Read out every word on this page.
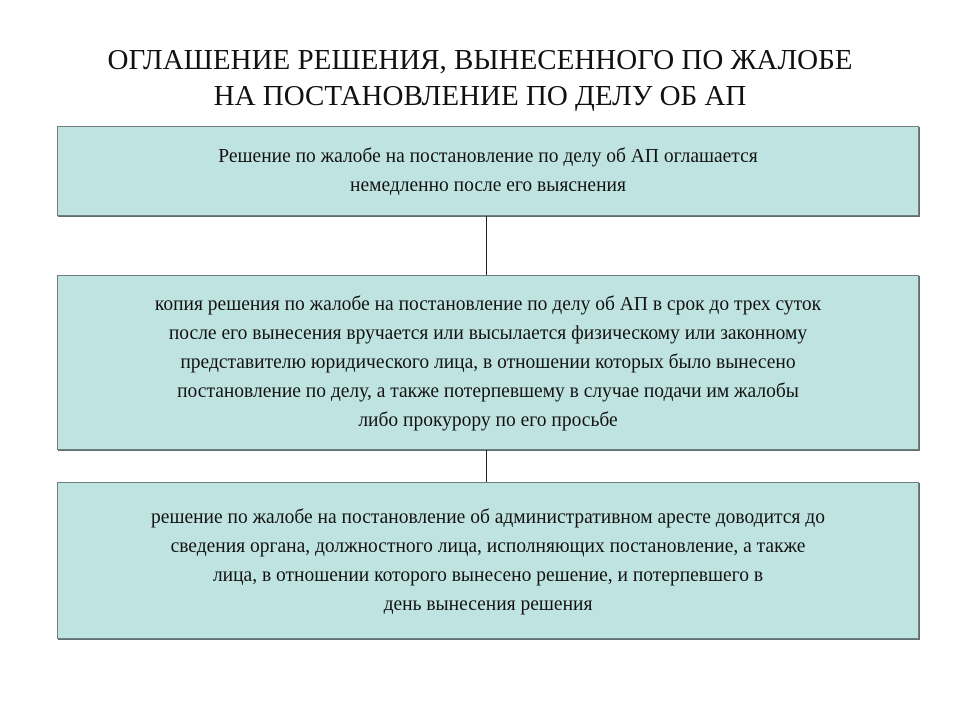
ОГЛАШЕНИЕ РЕШЕНИЯ, ВЫНЕСЕННОГО ПО ЖАЛОБЕ
НА ПОСТАНОВЛЕНИЕ ПО ДЕЛУ ОБ АП
Решение по жалобе на постановление по делу об АП оглашается
немедленно после его выяснения
копия решения по жалобе на постановление по делу об АП в срок до трех суток
после его вынесения вручается или высылается физическому или законному
представителю юридического лица, в отношении которых было вынесено
постановление по делу, а также потерпевшему в случае подачи им жалобы
либо прокурору по его просьбе
решение по жалобе на постановление об административном аресте доводится до
сведения органа, должностного лица, исполняющих постановление, а также
лица, в отношении которого вынесено решение, и потерпевшего в
день вынесения решения
